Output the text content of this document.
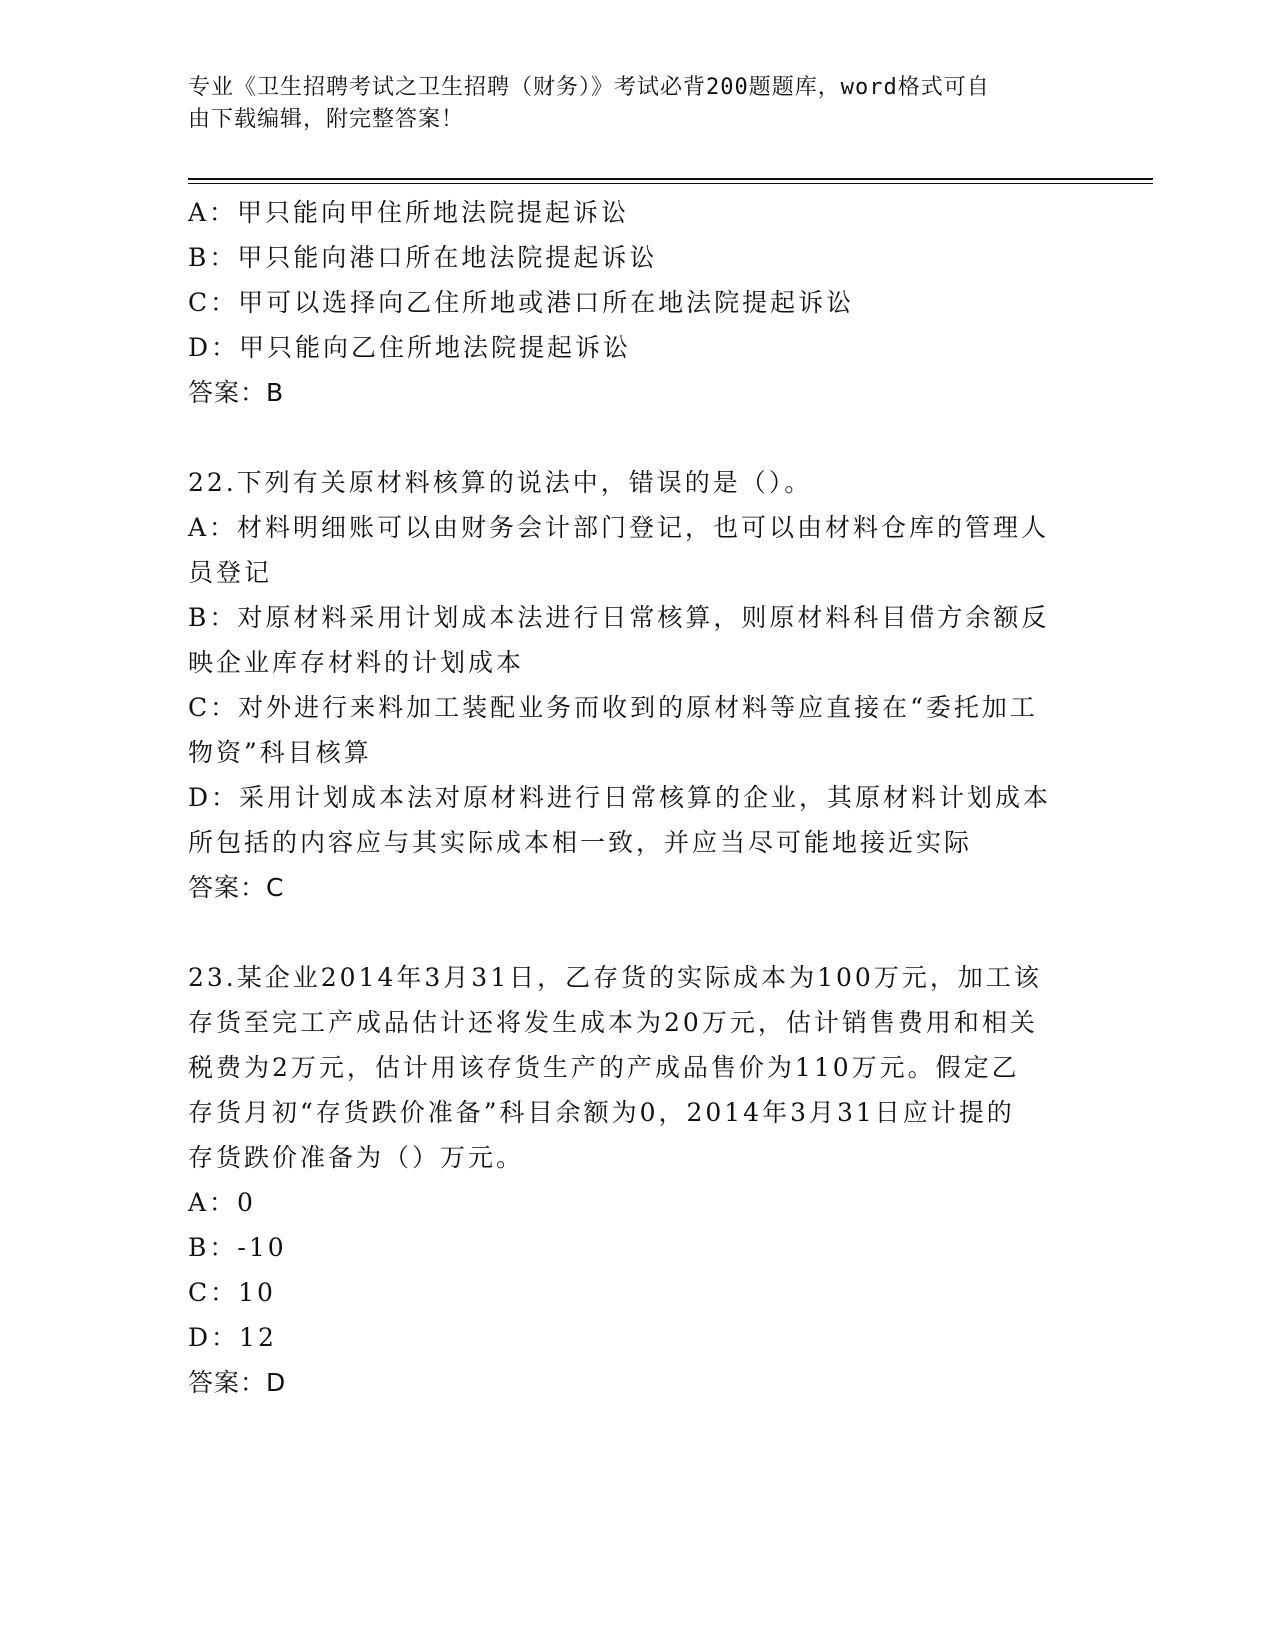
专业《卫生招聘考试之卫生招聘（财务）》考试必背200题题库，word格式可自
由下载编辑，附完整答案！
A：甲只能向甲住所地法院提起诉讼
B：甲只能向港口所在地法院提起诉讼
C：甲可以选择向乙住所地或港口所在地法院提起诉讼
D：甲只能向乙住所地法院提起诉讼
答案：B
22.下列有关原材料核算的说法中，错误的是（）。
A：材料明细账可以由财务会计部门登记，也可以由材料仓库的管理人
员登记
B：对原材料采用计划成本法进行日常核算，则原材料科目借方余额反
映企业库存材料的计划成本
C：对外进行来料加工装配业务而收到的原材料等应直接在“委托加工
物资”科目核算
D：采用计划成本法对原材料进行日常核算的企业，其原材料计划成本
所包括的内容应与其实际成本相一致，并应当尽可能地接近实际
答案：C
23.某企业2014年3月31日，乙存货的实际成本为100万元，加工该
存货至完工产成品估计还将发生成本为20万元，估计销售费用和相关
税费为2万元，估计用该存货生产的产成品售价为110万元。假定乙
存货月初“存货跌价准备”科目余额为0，2014年3月31日应计提的
存货跌价准备为（）万元。
A：0
B：-10
C：10
D：12
答案：D
